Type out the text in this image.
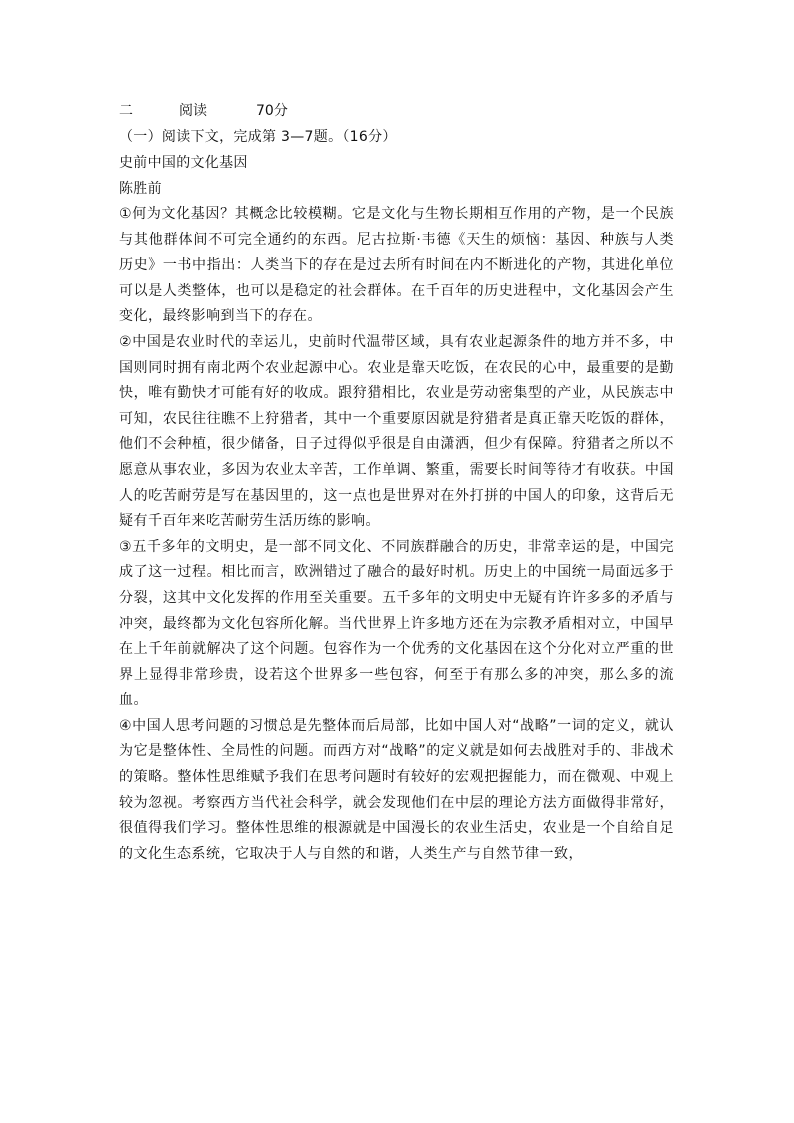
二	阅读	70分
（一）阅读下文，完成第 3—7题。（16分）
史前中国的文化基因
陈胜前
①何为文化基因？其概念比较模糊。它是文化与生物长期相互作用的产物，是一个民族与其他群体间不可完全通约的东西。尼古拉斯·韦德《天生的烦恼：基因、种族与人类历史》一书中指出：人类当下的存在是过去所有时间在内不断进化的产物，其进化单位可以是人类整体，也可以是稳定的社会群体。在千百年的历史进程中，文化基因会产生变化，最终影响到当下的存在。
②中国是农业时代的幸运儿，史前时代温带区域，具有农业起源条件的地方并不多，中国则同时拥有南北两个农业起源中心。农业是靠天吃饭，在农民的心中，最重要的是勤快，唯有勤快才可能有好的收成。跟狩猎相比，农业是劳动密集型的产业，从民族志中可知，农民往往瞧不上狩猎者，其中一个重要原因就是狩猎者是真正靠天吃饭的群体，他们不会种植，很少储备，日子过得似乎很是自由潇洒，但少有保障。狩猎者之所以不愿意从事农业，多因为农业太辛苦，工作单调、繁重，需要长时间等待才有收获。中国人的吃苦耐劳是写在基因里的，这一点也是世界对在外打拼的中国人的印象，这背后无疑有千百年来吃苦耐劳生活历练的影响。
③五千多年的文明史，是一部不同文化、不同族群融合的历史，非常幸运的是，中国完成了这一过程。相比而言，欧洲错过了融合的最好时机。历史上的中国统一局面远多于分裂，这其中文化发挥的作用至关重要。五千多年的文明史中无疑有许许多多的矛盾与冲突，最终都为文化包容所化解。当代世界上许多地方还在为宗教矛盾相对立，中国早在上千年前就解决了这个问题。包容作为一个优秀的文化基因在这个分化对立严重的世界上显得非常珍贵，设若这个世界多一些包容，何至于有那么多的冲突，那么多的流血。
④中国人思考问题的习惯总是先整体而后局部，比如中国人对“战略”一词的定义，就认为它是整体性、全局性的问题。而西方对“战略”的定义就是如何去战胜对手的、非战术的策略。整体性思维赋予我们在思考问题时有较好的宏观把握能力，而在微观、中观上较为忽视。考察西方当代社会科学，就会发现他们在中层的理论方法方面做得非常好，很值得我们学习。整体性思维的根源就是中国漫长的农业生活史，农业是一个自给自足的文化生态系统，它取决于人与自然的和谐，人类生产与自然节律一致，
